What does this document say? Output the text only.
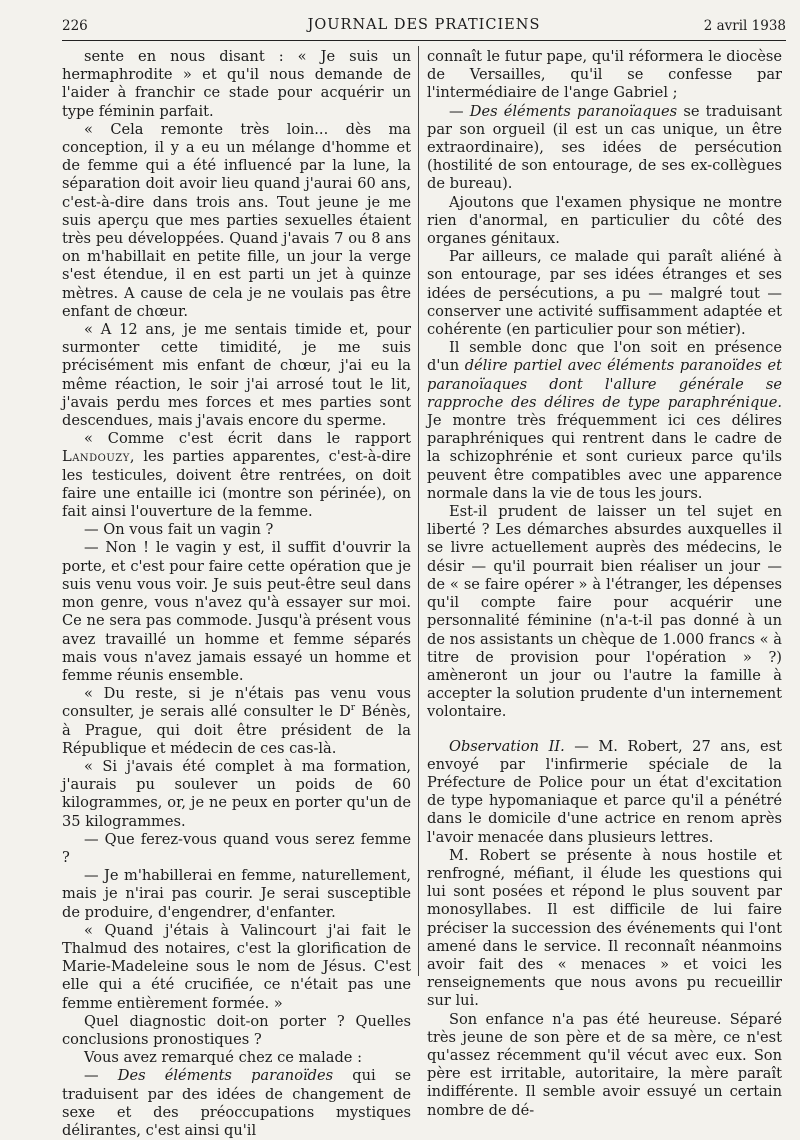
226	JOURNAL DES PRATICIENS	2 avril 1938

sente en nous disant : « Je suis un hermaphrodite » et qu'il nous demande de l'aider à franchir ce stade pour acquérir un type féminin parfait.

« Cela remonte très loin... dès ma conception, il y a eu un mélange d'homme et de femme qui a été influencé par la lune, la séparation doit avoir lieu quand j'aurai 60 ans, c'est-à-dire dans trois ans. Tout jeune je me suis aperçu que mes parties sexuelles étaient très peu développées. Quand j'avais 7 ou 8 ans on m'habillait en petite fille, un jour la verge s'est étendue, il en est parti un jet à quinze mètres. A cause de cela je ne voulais pas être enfant de chœur.

« A 12 ans, je me sentais timide et, pour surmonter cette timidité, je me suis précisément mis enfant de chœur, j'ai eu la même réaction, le soir j'ai arrosé tout le lit, j'avais perdu mes forces et mes parties sont descendues, mais j'avais encore du sperme.

« Comme c'est écrit dans le rapport Landouzy, les parties apparentes, c'est-à-dire les testicules, doivent être rentrées, on doit faire une entaille ici (montre son périnée), on fait ainsi l'ouverture de la femme.

— On vous fait un vagin ?

— Non ! le vagin y est, il suffit d'ouvrir la porte, et c'est pour faire cette opération que je suis venu vous voir. Je suis peut-être seul dans mon genre, vous n'avez qu'à essayer sur moi. Ce ne sera pas commode. Jusqu'à présent vous avez travaillé un homme et femme séparés mais vous n'avez jamais essayé un homme et femme réunis ensemble.

« Du reste, si je n'étais pas venu vous consulter, je serais allé consulter le $D^r$ Bénès, à Prague, qui doit être président de la République et médecin de ces cas-là.

« Si j'avais été complet à ma formation, j'aurais pu soulever un poids de 60 kilogrammes, or, je ne peux en porter qu'un de 35 kilogrammes.

— Que ferez-vous quand vous serez femme ?

— Je m'habillerai en femme, naturellement, mais je n'irai pas courir. Je serai susceptible de produire, d'engendrer, d'enfanter.

« Quand j'étais à Valincourt j'ai fait le Thalmud des notaires, c'est la glorification de Marie-Madeleine sous le nom de Jésus. C'est elle qui a été crucifiée, ce n'était pas une femme entièrement formée. »

Quel diagnostic doit-on porter ? Quelles conclusions pronostiques ?

Vous avez remarqué chez ce malade :

— Des éléments paranoïdes qui se traduisent par des idées de changement de sexe et des préoccupations mystiques délirantes, c'est ainsi qu'il

connaît le futur pape, qu'il réformera le diocèse de Versailles, qu'il se confesse par l'intermédiaire de l'ange Gabriel ;

— Des éléments paranoïaques se traduisant par son orgueil (il est un cas unique, un être extraordinaire), ses idées de persécution (hostilité de son entourage, de ses ex-collègues de bureau).

Ajoutons que l'examen physique ne montre rien d'anormal, en particulier du côté des organes génitaux.

Par ailleurs, ce malade qui paraît aliéné à son entourage, par ses idées étranges et ses idées de persécutions, a pu — malgré tout — conserver une activité suffisamment adaptée et cohérente (en particulier pour son métier).

Il semble donc que l'on soit en présence d'un délire partiel avec éléments paranoïdes et paranoïaques dont l'allure générale se rapproche des délires de type paraphrénique. Je montre très fréquemment ici ces délires paraphréniques qui rentrent dans le cadre de la schizophrénie et sont curieux parce qu'ils peuvent être compatibles avec une apparence normale dans la vie de tous les jours.

Est-il prudent de laisser un tel sujet en liberté ? Les démarches absurdes auxquelles il se livre actuellement auprès des médecins, le désir — qu'il pourrait bien réaliser un jour — de « se faire opérer » à l'étranger, les dépenses qu'il compte faire pour acquérir une personnalité féminine (n'a-t-il pas donné à un de nos assistants un chèque de 1.000 francs « à titre de provision pour l'opération » ?) amèneront un jour ou l'autre la famille à accepter la solution prudente d'un internement volontaire.

Observation II. — M. Robert, 27 ans, est envoyé par l'infirmerie spéciale de la Préfecture de Police pour un état d'excitation de type hypomaniaque et parce qu'il a pénétré dans le domicile d'une actrice en renom après l'avoir menacée dans plusieurs lettres.

M. Robert se présente à nous hostile et renfrogné, méfiant, il élude les questions qui lui sont posées et répond le plus souvent par monosyllabes. Il est difficile de lui faire préciser la succession des événements qui l'ont amené dans le service. Il reconnaît néanmoins avoir fait des « menaces » et voici les renseignements que nous avons pu recueillir sur lui.

Son enfance n'a pas été heureuse. Séparé très jeune de son père et de sa mère, ce n'est qu'assez récemment qu'il vécut avec eux. Son père est irritable, autoritaire, la mère paraît indifférente. Il semble avoir essuyé un certain nombre de dé-
